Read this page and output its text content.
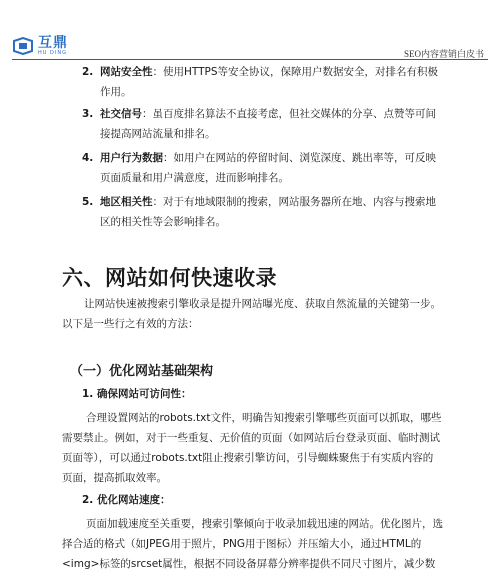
互鼎
HU DING	SEO内容营销白皮书
2. 网站安全性：使用HTTPS等安全协议，保障用户数据安全，对排名有积极
作用。
3. 社交信号：虽百度排名算法不直接考虑，但社交媒体的分享、点赞等可间
接提高网站流量和排名。
4. 用户行为数据：如用户在网站的停留时间、浏览深度、跳出率等，可反映
页面质量和用户满意度，进而影响排名。
5. 地区相关性：对于有地域限制的搜索，网站服务器所在地、内容与搜索地
区的相关性等会影响排名。
六、网站如何快速收录
让网站快速被搜索引擎收录是提升网站曝光度、获取自然流量的关键第一步。
以下是一些行之有效的方法：
（一）优化网站基础架构
1. 确保网站可访问性：
合理设置网站的robots.txt文件，明确告知搜索引擎哪些页面可以抓取，哪些
需要禁止。例如，对于一些重复、无价值的页面（如网站后台登录页面、临时测试
页面等），可以通过robots.txt阻止搜索引擎访问，引导蜘蛛聚焦于有实质内容的
页面，提高抓取效率。
2. 优化网站速度：
页面加载速度至关重要，搜索引擎倾向于收录加载迅速的网站。优化图片，选
择合适的格式（如JPEG用于照片，PNG用于图标）并压缩大小，通过HTML的
<img>标签的srcset属性，根据不同设备屏幕分辨率提供不同尺寸图片，减少数
